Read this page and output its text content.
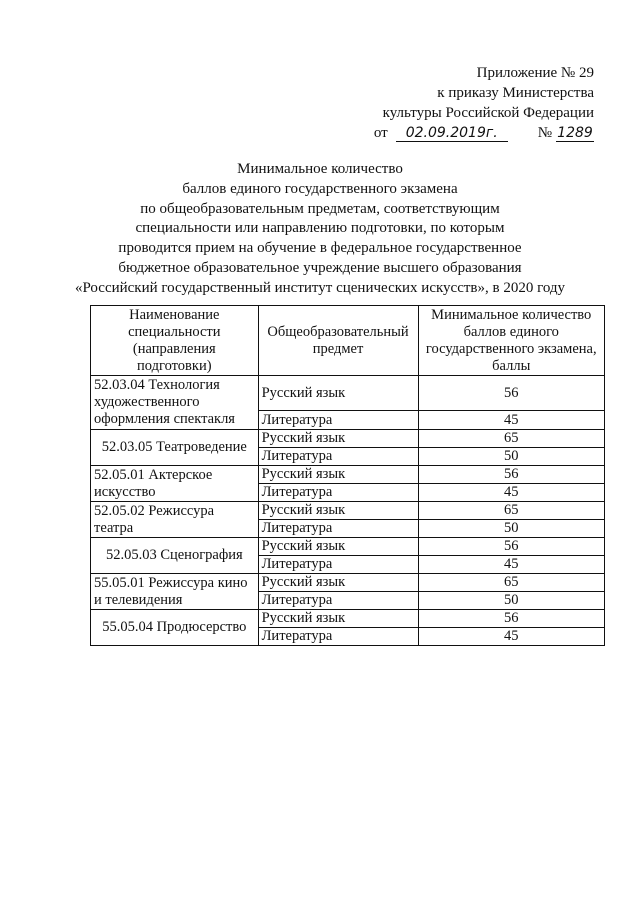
Приложение № 29
к приказу Министерства
культуры Российской Федерации
от	02.09.2019г.	№ 1289
Минимальное количество
баллов единого государственного экзамена
по общеобразовательным предметам, соответствующим
специальности или направлению подготовки, по которым
проводится прием на обучение в федеральное государственное
бюджетное образовательное учреждение высшего образования
«Российский государственный институт сценических искусств», в 2020 году
Наименование специальности (направления подготовки)	Общеобразовательный предмет	Минимальное количество баллов единого государственного экзамена, баллы
52.03.04 Технология художественного оформления спектакля	Русский язык	56
	Литература	45
52.03.05 Театроведение	Русский язык	65
	Литература	50
52.05.01 Актерское искусство	Русский язык	56
	Литература	45
52.05.02 Режиссура театра	Русский язык	65
	Литература	50
52.05.03 Сценография	Русский язык	56
	Литература	45
55.05.01 Режиссура кино и телевидения	Русский язык	65
	Литература	50
55.05.04 Продюсерство	Русский язык	56
	Литература	45
